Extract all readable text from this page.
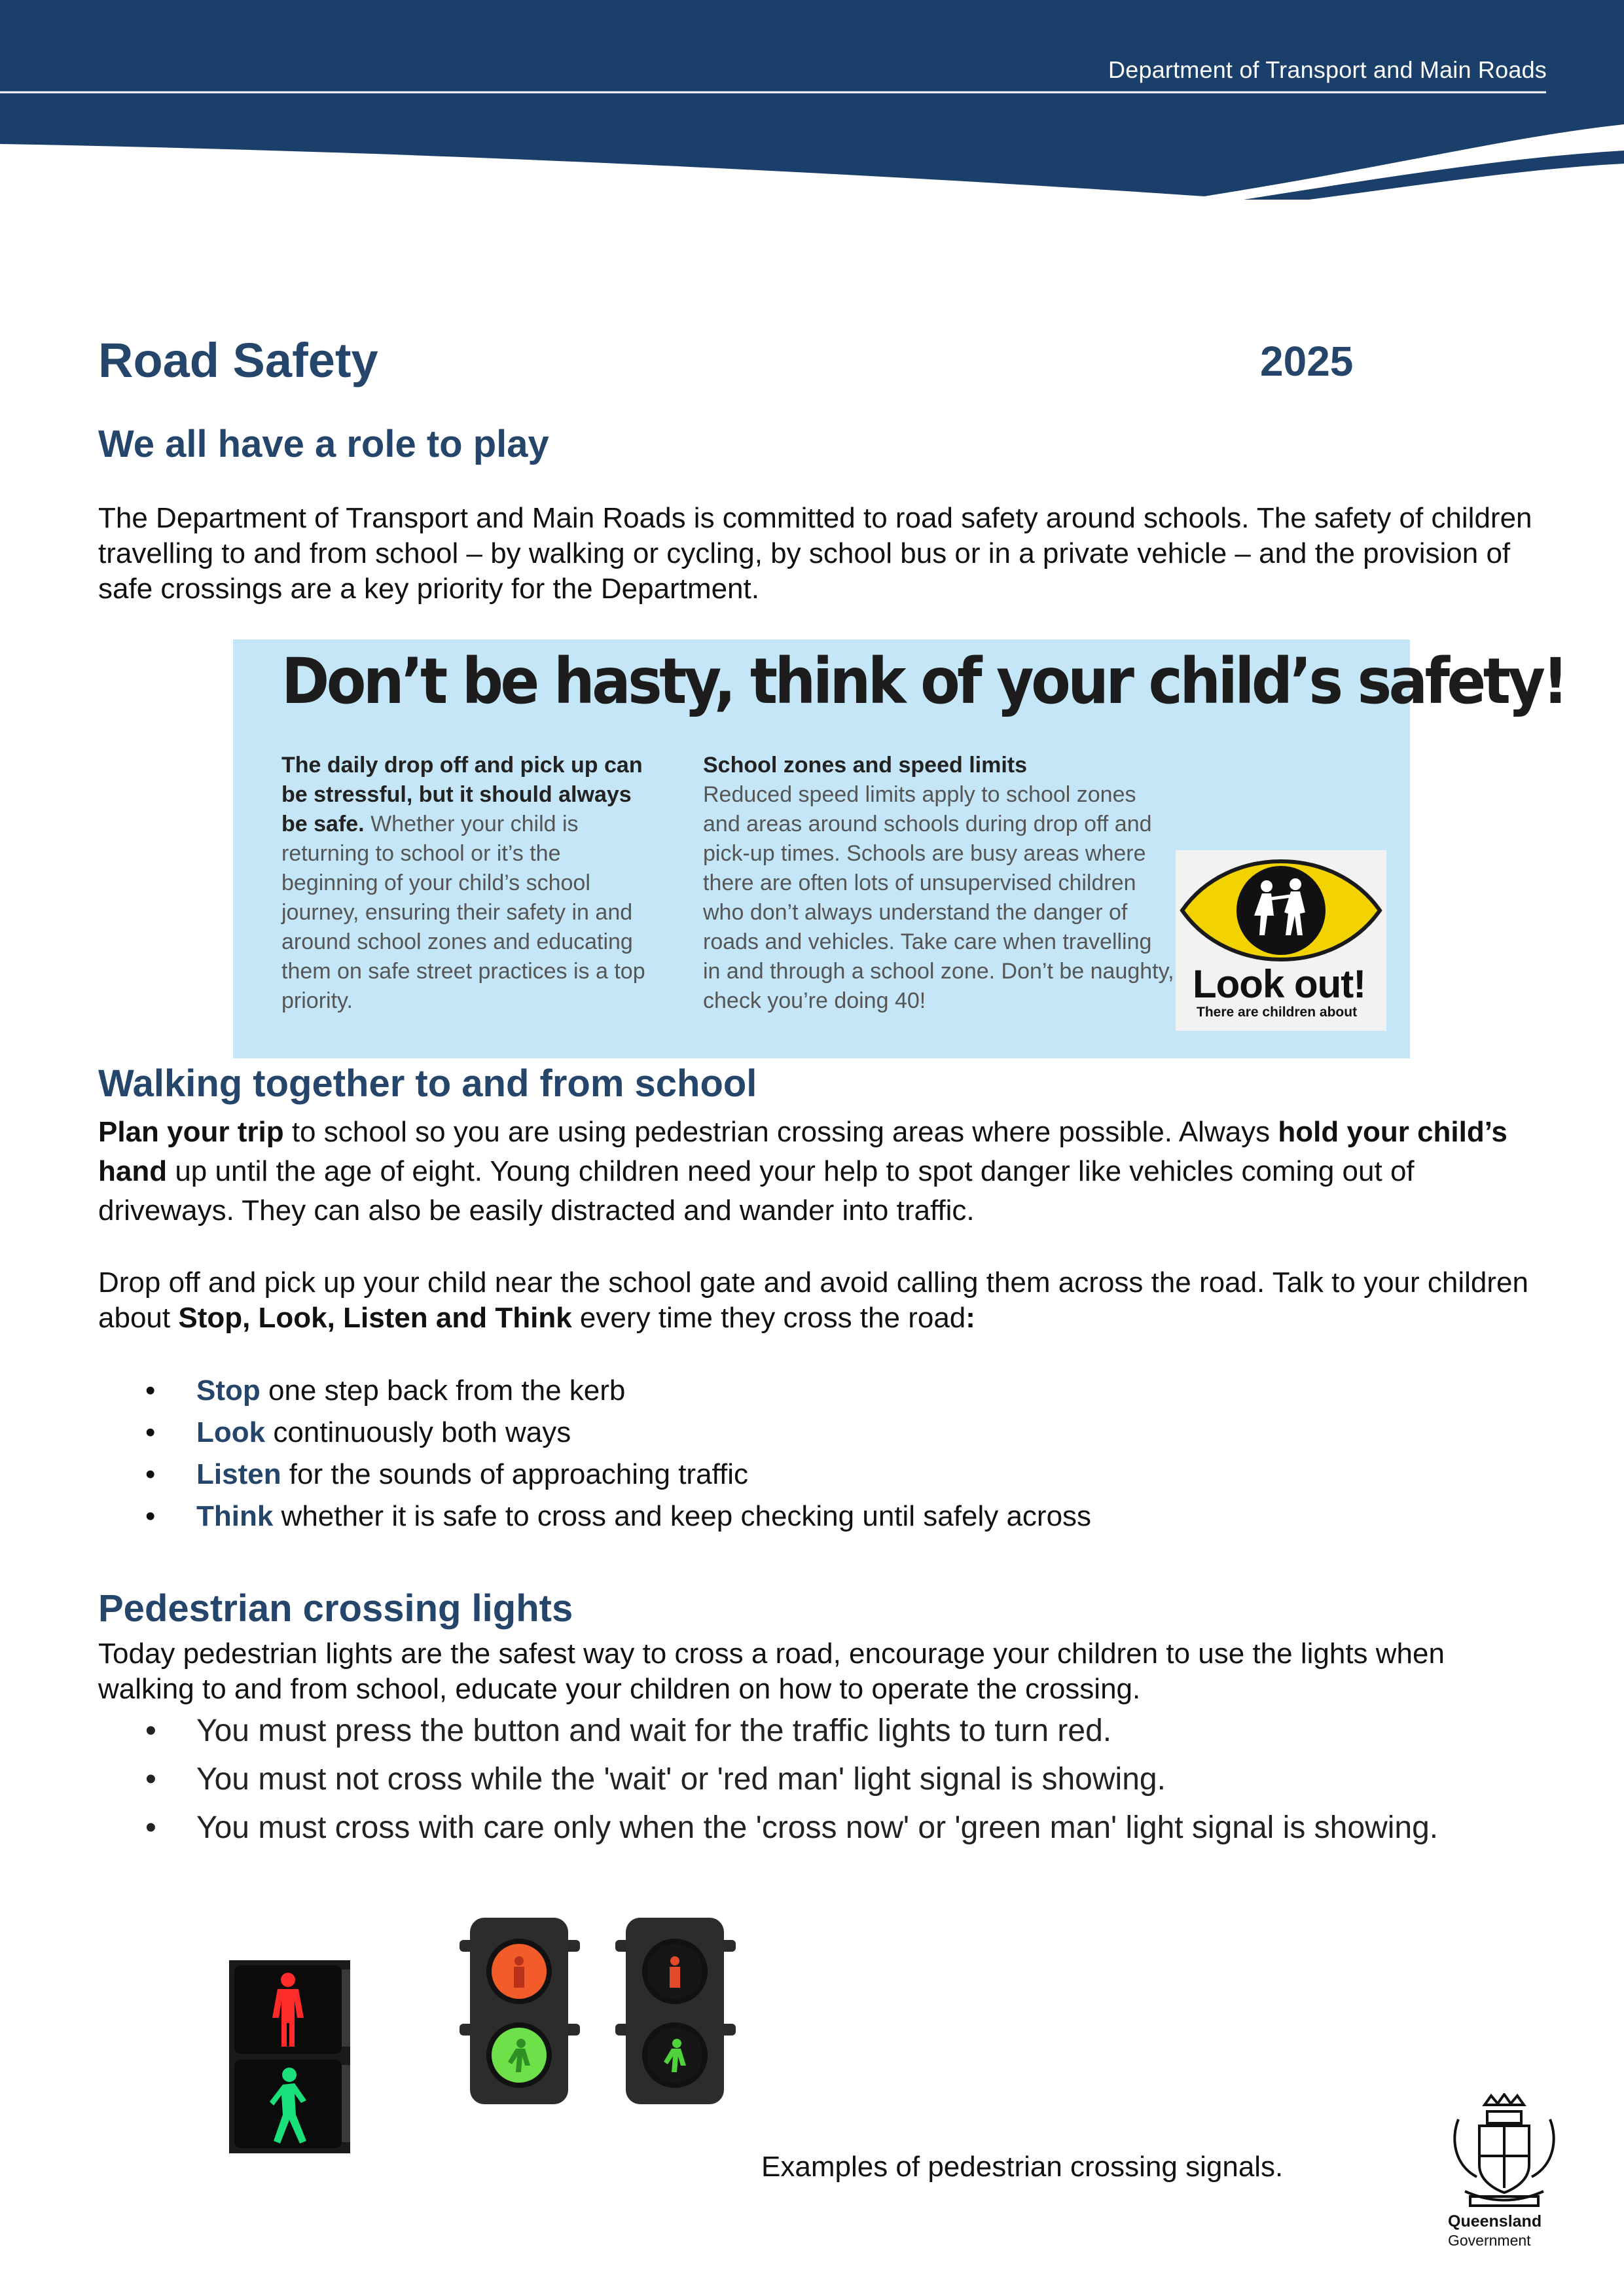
Department of Transport and Main Roads
Road Safety	2025
We all have a role to play

The Department of Transport and Main Roads is committed to road safety around schools. The safety of children travelling to and from school – by walking or cycling, by school bus or in a private vehicle – and the provision of safe crossings are a key priority for the Department.

Don’t be hasty, think of your child’s safety!
The daily drop off and pick up can be stressful, but it should always be safe. Whether your child is returning to school or it’s the beginning of your child’s school journey, ensuring their safety in and around school zones and educating them on safe street practices is a top priority.
School zones and speed limits
Reduced speed limits apply to school zones and areas around schools during drop off and pick-up times. Schools are busy areas where there are often lots of unsupervised children who don’t always understand the danger of roads and vehicles. Take care when travelling in and through a school zone. Don’t be naughty, check you’re doing 40!	Look out!
There are children about
Walking together to and from school

Plan your trip to school so you are using pedestrian crossing areas where possible. Always hold your child’s hand up until the age of eight. Young children need your help to spot danger like vehicles coming out of driveways. They can also be easily distracted and wander into traffic.

Drop off and pick up your child near the school gate and avoid calling them across the road. Talk to your children about Stop, Look, Listen and Think every time they cross the road:

• Stop one step back from the kerb
• Look continuously both ways
• Listen for the sounds of approaching traffic
• Think whether it is safe to cross and keep checking until safely across
Pedestrian crossing lights

Today pedestrian lights are the safest way to cross a road, encourage your children to use the lights when walking to and from school, educate your children on how to operate the crossing.

• You must press the button and wait for the traffic lights to turn red.
• You must not cross while the 'wait' or 'red man' light signal is showing.
• You must cross with care only when the 'cross now' or 'green man' light signal is showing.
Examples of pedestrian crossing signals.
Queensland
Government
